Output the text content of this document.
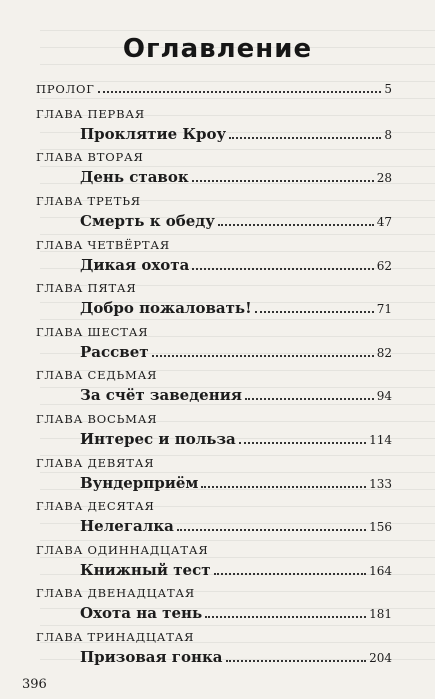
Оглавление
ПРОЛОГ	5
ГЛАВА ПЕРВАЯ
Проклятие Кроу	8
ГЛАВА ВТОРАЯ
День ставок	28
ГЛАВА ТРЕТЬЯ
Смерть к обеду	47
ГЛАВА ЧЕТВЁРТАЯ
Дикая охота	62
ГЛАВА ПЯТАЯ
Добро пожаловать!	71
ГЛАВА ШЕСТАЯ
Рассвет	82
ГЛАВА СЕДЬМАЯ
За счёт заведения	94
ГЛАВА ВОСЬМАЯ
Интерес и польза	114
ГЛАВА ДЕВЯТАЯ
Вундерприём	133
ГЛАВА ДЕСЯТАЯ
Нелегалка	156
ГЛАВА ОДИННАДЦАТАЯ
Книжный тест	164
ГЛАВА ДВЕНАДЦАТАЯ
Охота на тень	181
ГЛАВА ТРИНАДЦАТАЯ
Призовая гонка	204
396
